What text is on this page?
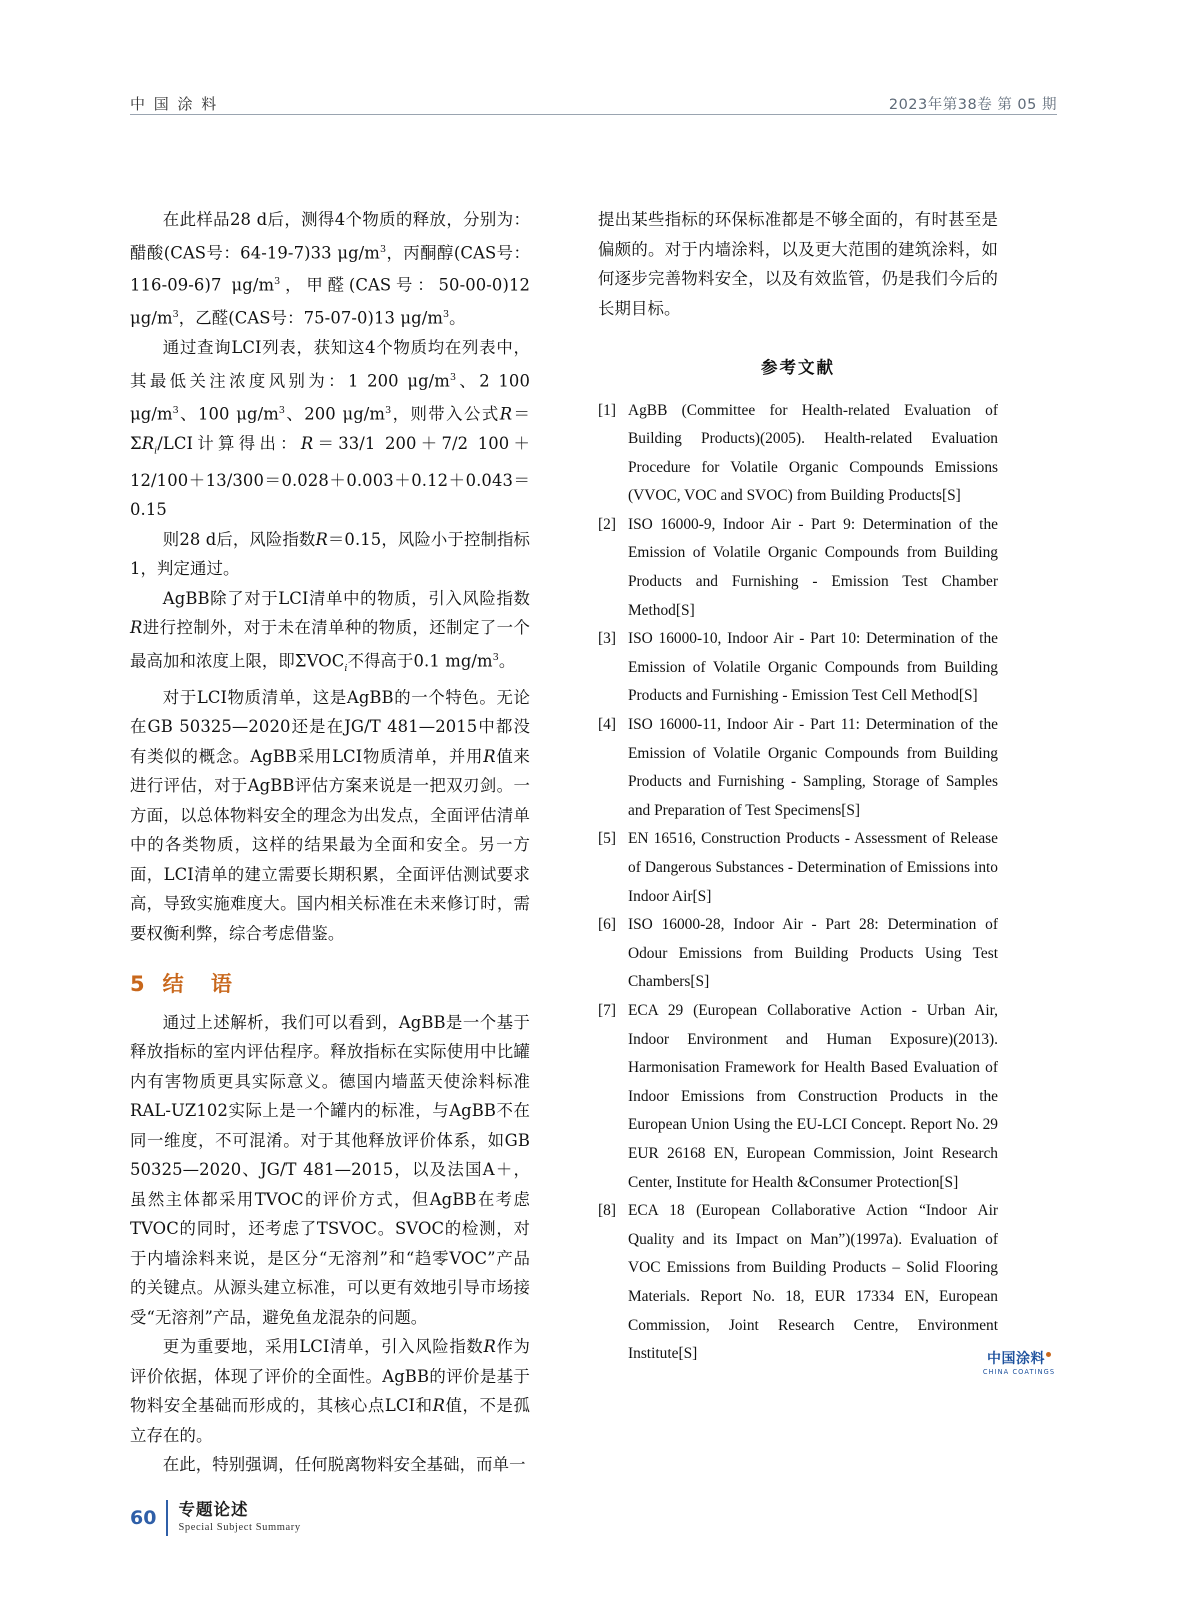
中 国 涂 料	2023年第38卷 第 05 期

在此样品28 d后，测得4个物质的释放，分别为：醋酸(CAS号：64-19-7)33 $\mu g/m^3$，丙酮醇(CAS号：116-09-6)7 $\mu g/m^3$，甲醛(CAS号：50-00-0)12 $\mu g/m^3$，乙醛(CAS号：75-07-0)13 $\mu g/m^3$。

通过查询LCI列表，获知这4个物质均在列表中，其最低关注浓度风别为：1 200 $\mu g/m^3$、2 100 $\mu g/m^3$、100 $\mu g/m^3$、200 $\mu g/m^3$，则带入公式$R=\Sigma R_i$/LCI计算得出：R＝33/1 200＋7/2 100＋12/100＋13/300＝0.028＋0.003＋0.12＋0.043＝0.15

则28 d后，风险指数R＝0.15，风险小于控制指标1，判定通过。

AgBB除了对于LCI清单中的物质，引入风险指数R进行控制外，对于未在清单种的物质，还制定了一个最高加和浓度上限，即$\Sigma VOC_i$不得高于0.1 $mg/m^3$。

对于LCI物质清单，这是AgBB的一个特色。无论在GB 50325—2020还是在JG/T 481—2015中都没有类似的概念。AgBB采用LCI物质清单，并用R值来进行评估，对于AgBB评估方案来说是一把双刃剑。一方面，以总体物料安全的理念为出发点，全面评估清单中的各类物质，这样的结果最为全面和安全。另一方面，LCI清单的建立需要长期积累，全面评估测试要求高，导致实施难度大。国内相关标准在未来修订时，需要权衡利弊，综合考虑借鉴。

5 结 语

通过上述解析，我们可以看到，AgBB是一个基于释放指标的室内评估程序。释放指标在实际使用中比罐内有害物质更具实际意义。德国内墙蓝天使涂料标准RAL-UZ102实际上是一个罐内的标准，与AgBB不在同一维度，不可混淆。对于其他释放评价体系，如GB 50325—2020、JG/T 481—2015，以及法国A＋，虽然主体都采用TVOC的评价方式，但AgBB在考虑TVOC的同时，还考虑了TSVOC。SVOC的检测，对于内墙涂料来说，是区分“无溶剂”和“趋零VOC”产品的关键点。从源头建立标准，可以更有效地引导市场接受“无溶剂”产品，避免鱼龙混杂的问题。

更为重要地，采用LCI清单，引入风险指数R作为评价依据，体现了评价的全面性。AgBB的评价是基于物料安全基础而形成的，其核心点LCI和R值，不是孤立存在的。

在此，特别强调，任何脱离物料安全基础，而单一

提出某些指标的环保标准都是不够全面的，有时甚至是偏颇的。对于内墙涂料，以及更大范围的建筑涂料，如何逐步完善物料安全，以及有效监管，仍是我们今后的长期目标。

参考文献
[1] AgBB (Committee for Health-related Evaluation of Building Products)(2005). Health-related Evaluation Procedure for Volatile Organic Compounds Emissions (VVOC, VOC and SVOC) from Building Products[S]
[2] ISO 16000-9, Indoor Air - Part 9: Determination of the Emission of Volatile Organic Compounds from Building Products and Furnishing - Emission Test Chamber Method[S]
[3] ISO 16000-10, Indoor Air - Part 10: Determination of the Emission of Volatile Organic Compounds from Building Products and Furnishing - Emission Test Cell Method[S]
[4] ISO 16000-11, Indoor Air - Part 11: Determination of the Emission of Volatile Organic Compounds from Building Products and Furnishing - Sampling, Storage of Samples and Preparation of Test Specimens[S]
[5] EN 16516, Construction Products - Assessment of Release of Dangerous Substances - Determination of Emissions into Indoor Air[S]
[6] ISO 16000-28, Indoor Air - Part 28: Determination of Odour Emissions from Building Products Using Test Chambers[S]
[7] ECA 29 (European Collaborative Action - Urban Air, Indoor Environment and Human Exposure)(2013). Harmonisation Framework for Health Based Evaluation of Indoor Emissions from Construction Products in the European Union Using the EU-LCI Concept. Report No. 29 EUR 26168 EN, European Commission, Joint Research Center, Institute for Health &Consumer Protection[S]
[8] ECA 18 (European Collaborative Action “Indoor Air Quality and its Impact on Man”)(1997a). Evaluation of VOC Emissions from Building Products – Solid Flooring Materials. Report No. 18, EUR 17334 EN, European Commission, Joint Research Centre, Environment Institute[S]	中国涂料
CHINA COATINGS
60 专题论述
Special Subject Summary
